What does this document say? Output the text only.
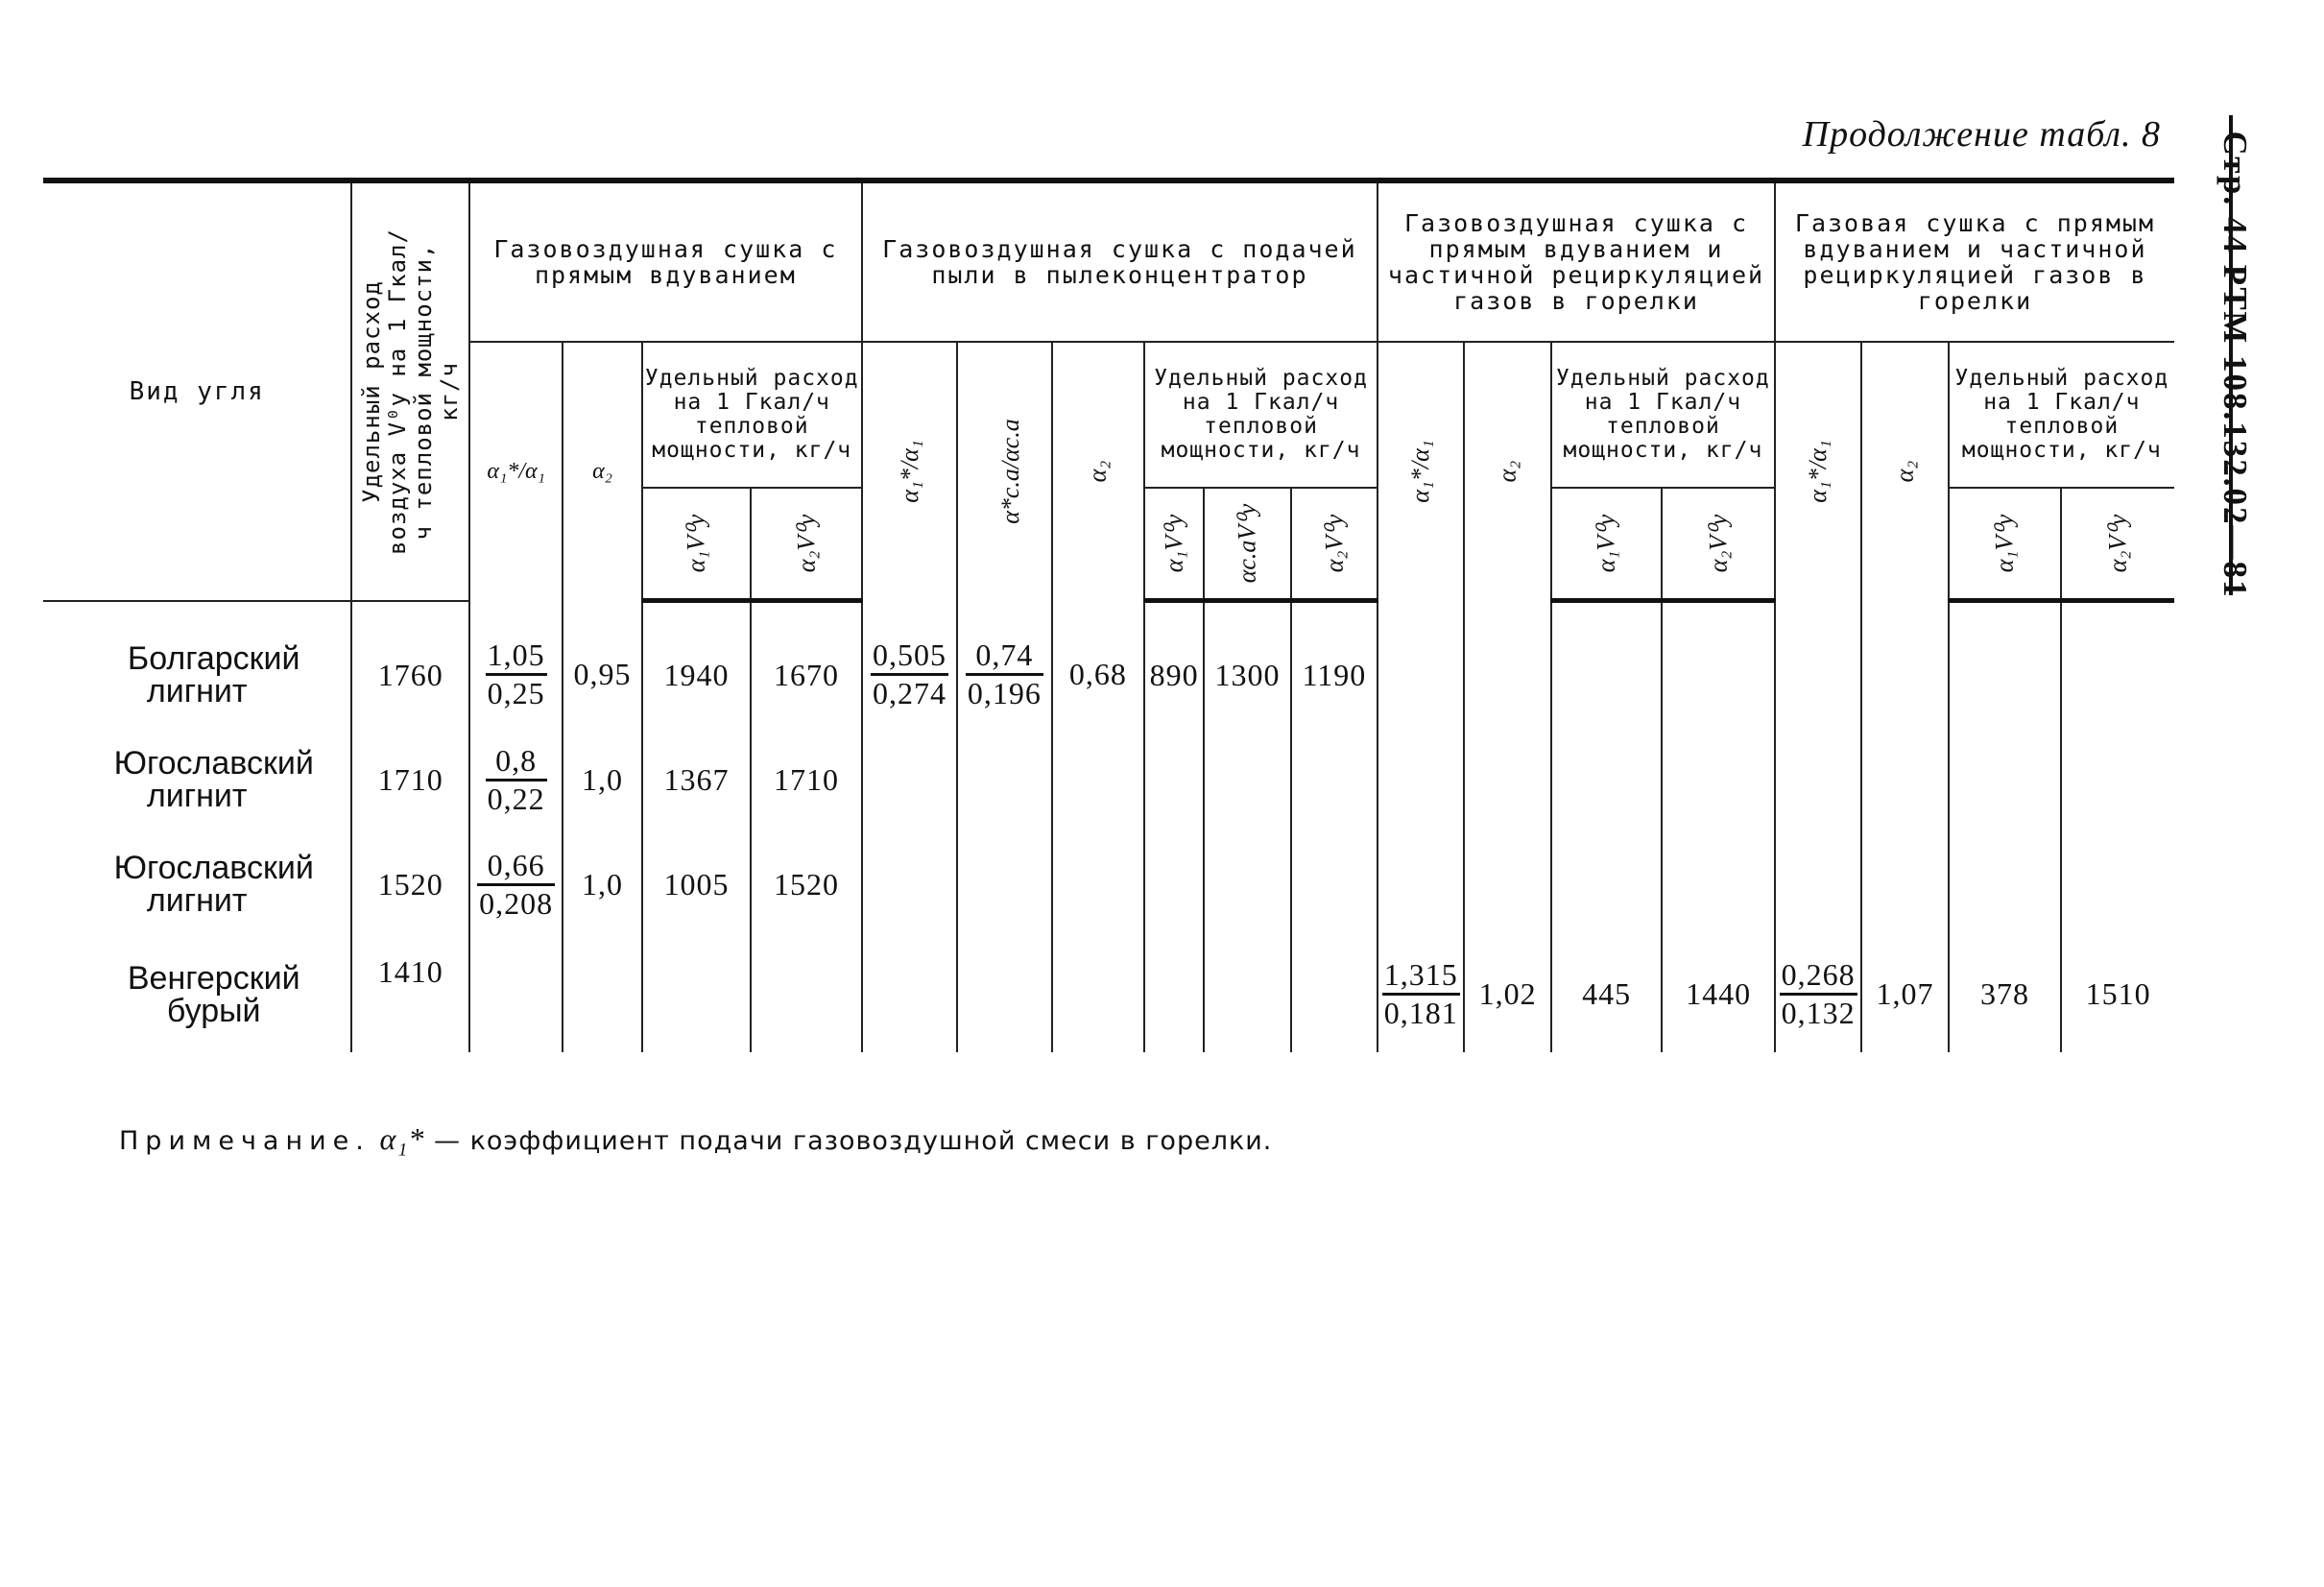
Продолжение табл. 8 Стр. 44 РТМ 108.132.02—81
Вид угля	Удельный расход воздуха V⁰у на 1 Гкал/ч тепловой мощности, кг/ч	Газовоздушная сушка с прямым вдуванием				Газовоздушная сушка с подачей пыли в пылеконцентратор						Газовоздушная сушка с прямым вдуванием и частичной рециркуляцией газов в горелки				Газовая сушка с прямым вдуванием и частичной рециркуляцией газов в горелки			
		α₁*/α₁	α₂	Удельный расход на 1 Гкал/ч тепловой мощности, кг/ч		α₁*/α₁	α*с.а/αс.а	α₂	Удельный расход на 1 Гкал/ч тепловой мощности, кг/ч			α₁*/α₁	α₂	Удельный расход на 1 Гкал/ч тепловой мощности, кг/ч		α₁*/α₁	α₂	Удельный расход на 1 Гкал/ч тепловой мощности, кг/ч	
				α₁V⁰у	α₂V⁰у				α₁V⁰у	αс.аV⁰у	α₂V⁰у			α₁V⁰у	α₂V⁰у			α₁V⁰у	α₂V⁰у

Болгарский
лигнит	1760	$\frac{1,05}{0,25}$	0,95	1940	1670	$\frac{0,505}{0,274}$	$\frac{0,74}{0,196}$	0,68	890	1300	1190								

Югославский
лигнит	1710	$\frac{0,8}{0,22}$	1,0	1367	1710														

Югославский
лигнит	1520	$\frac{0,66}{0,208}$	1,0	1005	1520														

Венгерский
бурый	1410											$\frac{1,315}{0,181}$	1,02	445	1440	$\frac{0,268}{0,132}$	1,07	378	1510
Примечание. α₁* — коэффициент подачи газовоздушной смеси в горелки.
